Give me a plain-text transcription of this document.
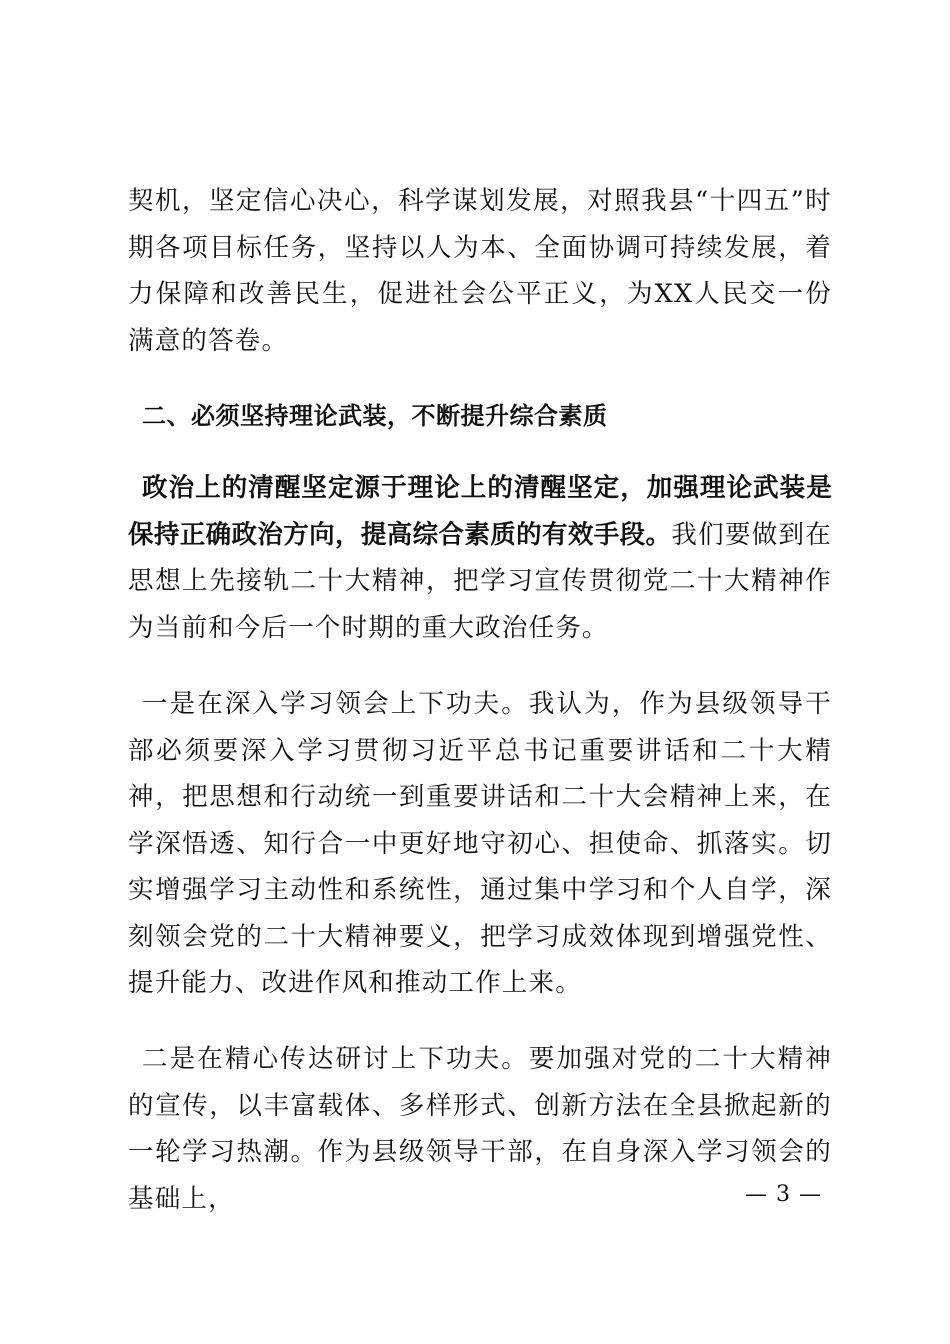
契机，坚定信心决心，科学谋划发展，对照我县“十四五”时期各项目标任务，坚持以人为本、全面协调可持续发展，着力保障和改善民生，促进社会公平正义，为XX人民交一份满意的答卷。

二、必须坚持理论武装，不断提升综合素质

政治上的清醒坚定源于理论上的清醒坚定，加强理论武装是保持正确政治方向，提高综合素质的有效手段。我们要做到在思想上先接轨二十大精神，把学习宣传贯彻党二十大精神作为当前和今后一个时期的重大政治任务。

一是在深入学习领会上下功夫。我认为，作为县级领导干部必须要深入学习贯彻习近平总书记重要讲话和二十大精神，把思想和行动统一到重要讲话和二十大会精神上来，在学深悟透、知行合一中更好地守初心、担使命、抓落实。切实增强学习主动性和系统性，通过集中学习和个人自学，深刻领会党的二十大精神要义，把学习成效体现到增强党性、提升能力、改进作风和推动工作上来。

二是在精心传达研讨上下功夫。要加强对党的二十大精神的宣传，以丰富载体、多样形式、创新方法在全县掀起新的一轮学习热潮。作为县级领导干部，在自身深入学习领会的基础上，	— 3 —
